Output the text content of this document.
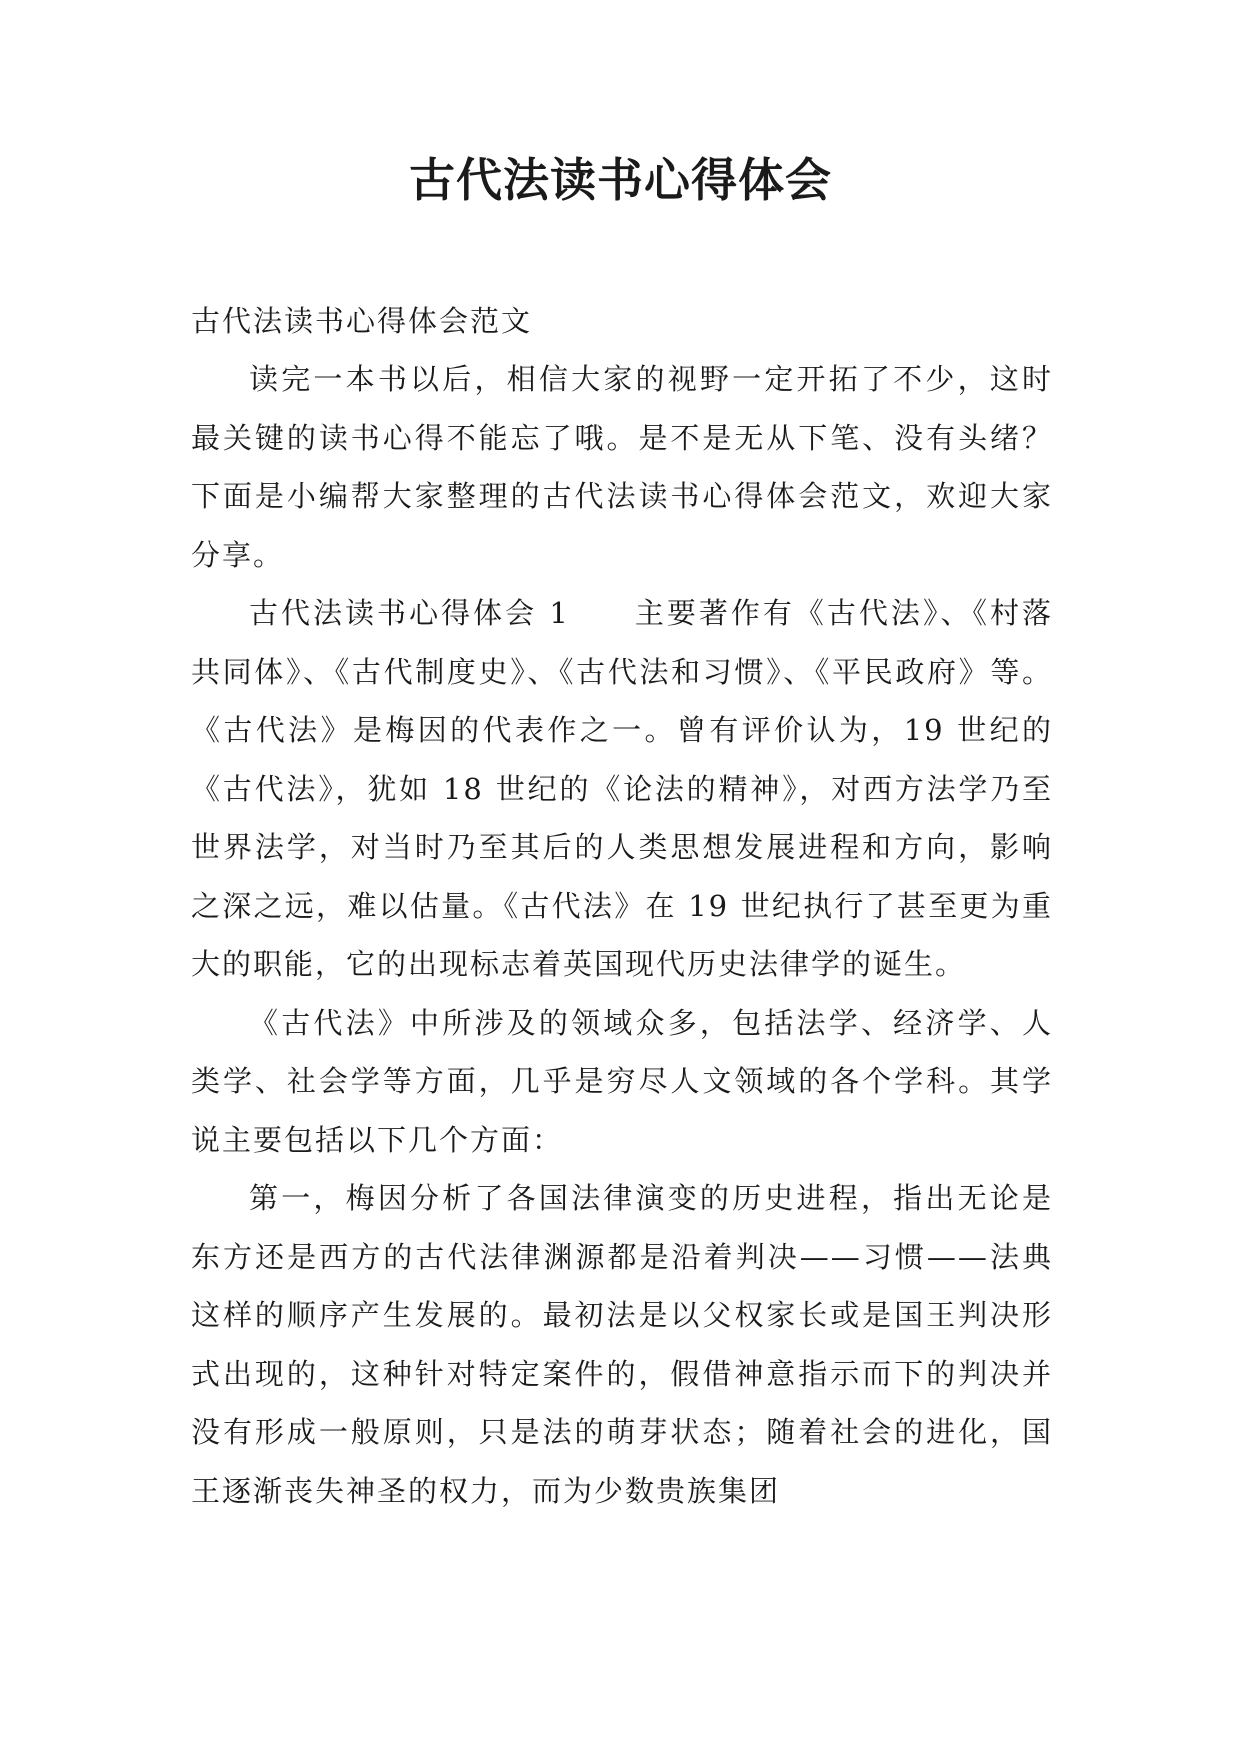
古代法读书心得体会

古代法读书心得体会范文

读完一本书以后，相信大家的视野一定开拓了不少，这时最关键的读书心得不能忘了哦。是不是无从下笔、没有头绪？下面是小编帮大家整理的古代法读书心得体会范文，欢迎大家分享。

古代法读书心得体会 1　　主要著作有《古代法》、《村落共同体》、《古代制度史》、《古代法和习惯》、《平民政府》等。《古代法》是梅因的代表作之一。曾有评价认为，19 世纪的《古代法》，犹如 18 世纪的《论法的精神》，对西方法学乃至世界法学，对当时乃至其后的人类思想发展进程和方向，影响之深之远，难以估量。《古代法》在 19 世纪执行了甚至更为重大的职能，它的出现标志着英国现代历史法律学的诞生。

《古代法》中所涉及的领域众多，包括法学、经济学、人类学、社会学等方面，几乎是穷尽人文领域的各个学科。其学说主要包括以下几个方面：

第一，梅因分析了各国法律演变的历史进程，指出无论是东方还是西方的古代法律渊源都是沿着判决——习惯——法典这样的顺序产生发展的。最初法是以父权家长或是国王判决形式出现的，这种针对特定案件的，假借神意指示而下的判决并没有形成一般原则，只是法的萌芽状态；随着社会的进化，国王逐渐丧失神圣的权力，而为少数贵族集团
